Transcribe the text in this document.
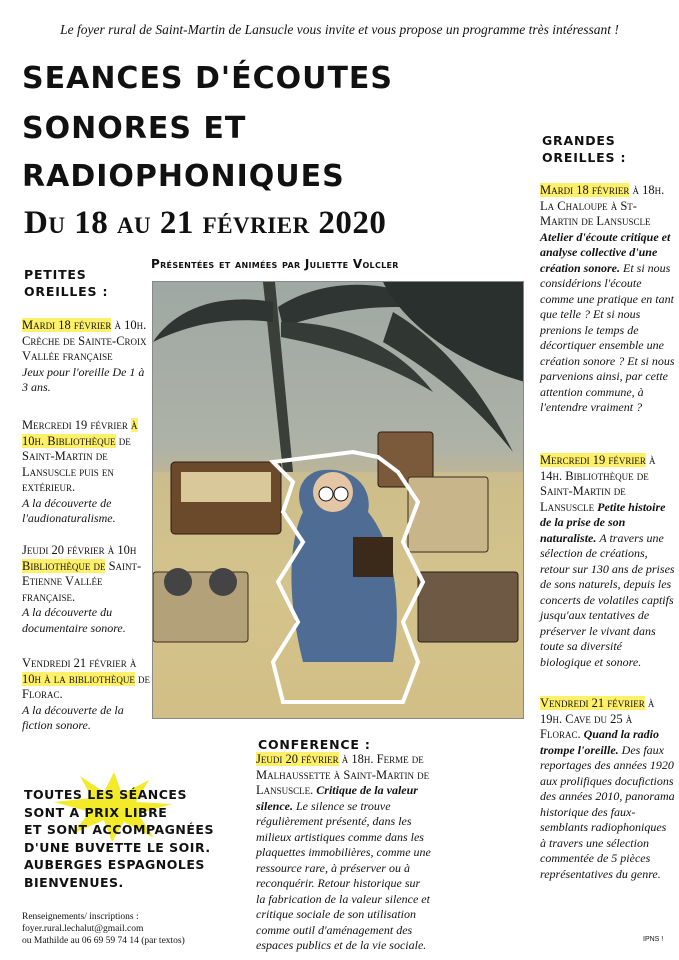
Le foyer rural de Saint-Martin de Lansucle vous invite et vous propose un programme très intéressant !
SEANCES D'ÉCOUTES
SONORES ET
RADIOPHONIQUES
Du 18 au 21 février 2020
Présentées et animées par Juliette Volcler
PETITES
OREILLES :
Mardi 18 février à 10h. Crèche de Sainte-Croix Vallée française
Jeux pour l'oreille De 1 à 3 ans.
Mercredi 19 février à 10h. Bibliothèque de Saint-Martin de Lansuscle puis en extérieur.
A la découverte de l'audionaturalisme.
Jeudi 20 février à 10h Bibliothèque de Saint-Etienne Vallée française.
A la découverte du documentaire sonore.
Vendredi 21 février à 10h à la bibliothèque de Florac.
A la découverte de la fiction sonore.
GRANDES
OREILLES :
Mardi 18 février à 18h. La Chaloupe à St-Martin de Lansuscle Atelier d'écoute critique et analyse collective d'une création sonore. Et si nous considérions l'écoute comme une pratique en tant que telle ? Et si nous prenions le temps de décortiquer ensemble une création sonore ? Et si nous parvenions ainsi, par cette attention commune, à l'entendre vraiment ?
Mercredi 19 février à 14h. Bibliothèque de Saint-Martin de Lansuscle Petite histoire de la prise de son naturaliste. A travers une sélection de créations, retour sur 130 ans de prises de sons naturels, depuis les concerts de volatiles captifs jusqu'aux tentatives de préserver le vivant dans toute sa diversité biologique et sonore.
Vendredi 21 février à 19h. Cave du 25 à Florac. Quand la radio trompe l'oreille. Des faux reportages des années 1920 aux prolifiques docufictions des années 2010, panorama historique des faux-semblants radiophoniques à travers une sélection commentée de 5 pièces représentatives du genre.
CONFERENCE :
Jeudi 20 février à 18h. Ferme de Malhaussette à Saint-Martin de Lansuscle. Critique de la valeur silence. Le silence se trouve régulièrement présenté, dans les milieux artistiques comme dans les plaquettes immobilières, comme une ressource rare, à préserver ou à reconquérir. Retour historique sur la fabrication de la valeur silence et critique sociale de son utilisation comme outil d'aménagement des espaces publics et de la vie sociale.
TOUTES LES SÉANCES
SONT A PRIX LIBRE
ET SONT ACCOMPAGNÉES
D'UNE BUVETTE LE SOIR.
AUBERGES ESPAGNOLES
BIENVENUES.
Renseignements/ inscriptions :
foyer.rural.lechalut@gmail.com
ou Mathilde au 06 69 59 74 14 (par textos)	IPNS !
